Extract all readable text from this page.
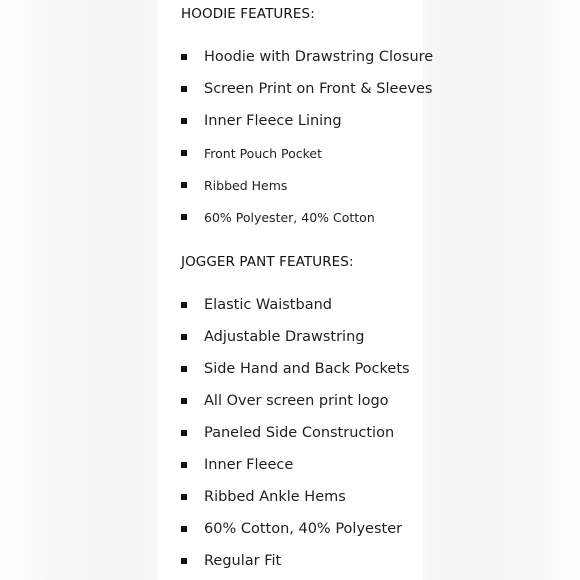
HOODIE FEATURES:
Hoodie with Drawstring Closure
Screen Print on Front & Sleeves
Inner Fleece Lining
Front Pouch Pocket
Ribbed Hems
60% Polyester, 40% Cotton
JOGGER PANT FEATURES:
Elastic Waistband
Adjustable Drawstring
Side Hand and Back Pockets
All Over screen print logo
Paneled Side Construction
Inner Fleece
Ribbed Ankle Hems
60% Cotton, 40% Polyester
Regular Fit
